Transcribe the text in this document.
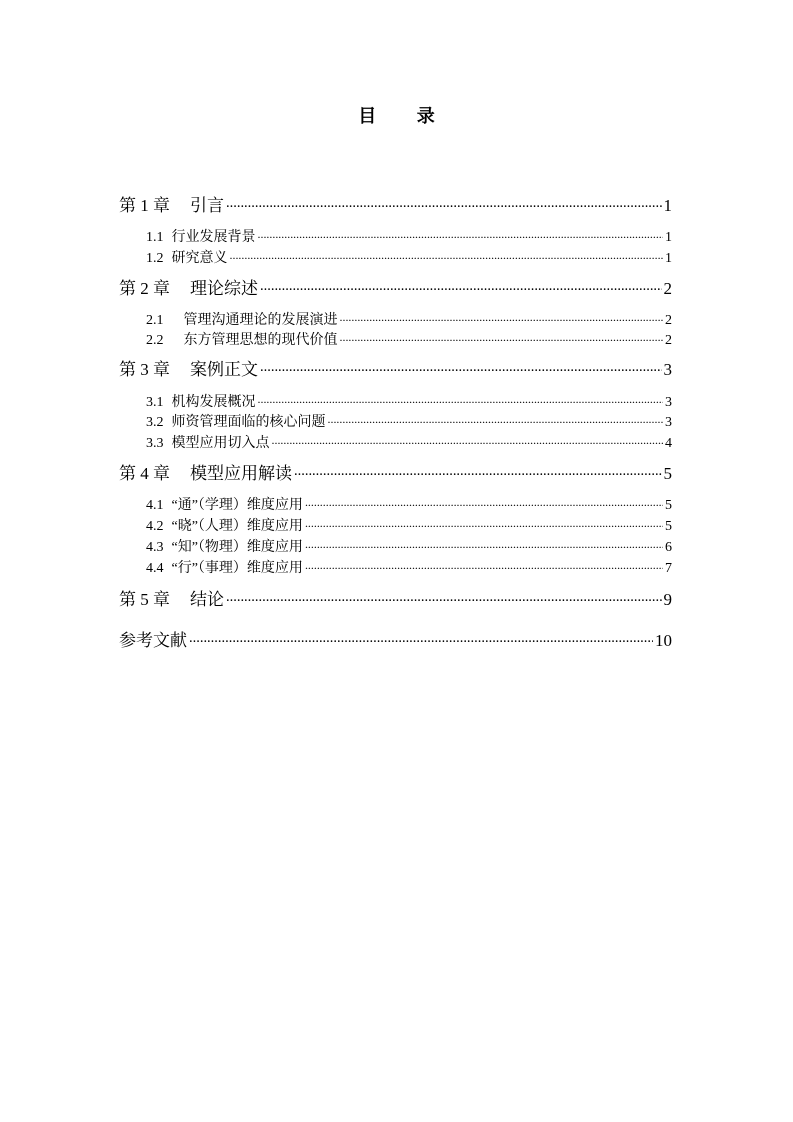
目 录
第 1 章 引言 .....	1
1.1 行业发展背景 .....	1
1.2 研究意义 .....	1
第 2 章 理论综述 .....	2
2.1 管理沟通理论的发展演进 .....	2
2.2 东方管理思想的现代价值 .....	2
第 3 章 案例正文 .....	3
3.1 机构发展概况 .....	3
3.2 师资管理面临的核心问题 .....	3
3.3 模型应用切入点 .....	4
第 4 章 模型应用解读 .....	5
4.1 “通”（学理）维度应用 .....	5
4.2 “晓”（人理）维度应用 .....	5
4.3 “知”（物理）维度应用 .....	6
4.4 “行”（事理）维度应用 .....	7
第 5 章 结论 .....	9
参考文献 .....	10
